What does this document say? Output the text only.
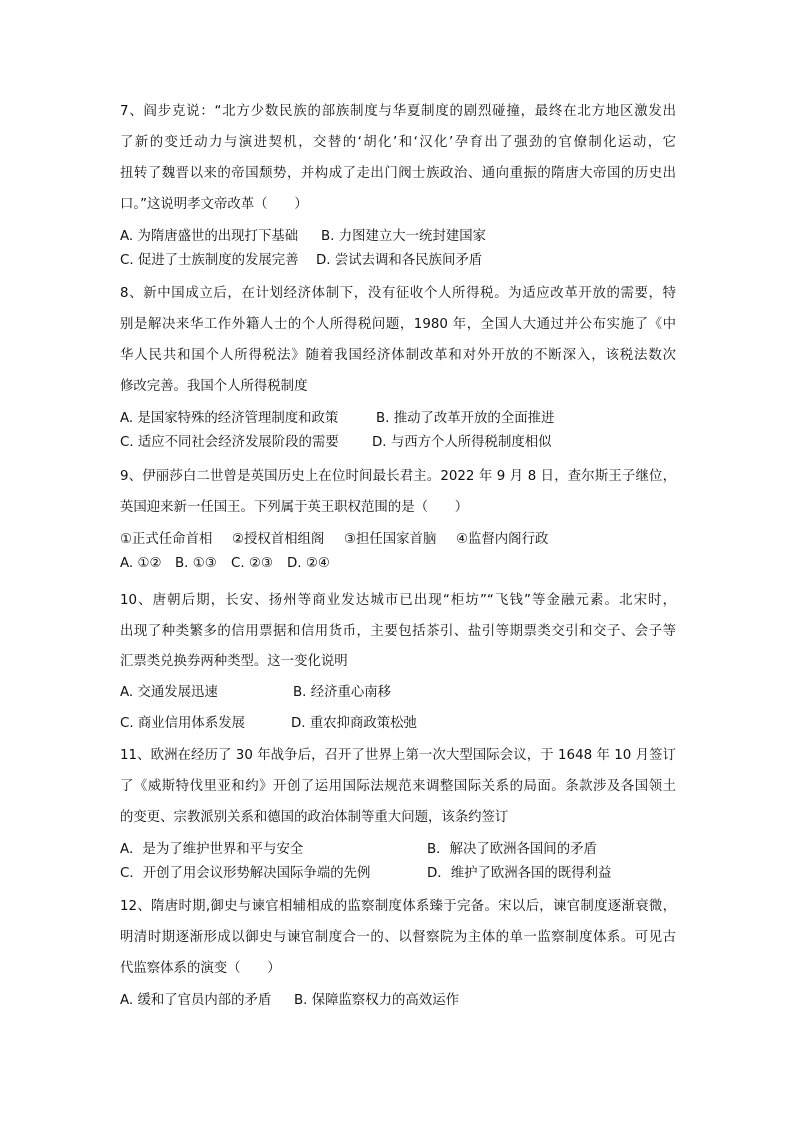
7、阎步克说：“北方少数民族的部族制度与华夏制度的剧烈碰撞，最终在北方地区激发出

了新的变迁动力与演进契机，交替的‘胡化’和‘汉化’孕育出了强劲的官僚制化运动，它

扭转了魏晋以来的帝国颓势，并构成了走出门阀士族政治、通向重振的隋唐大帝国的历史出

口。”这说明孝文帝改革（　　）

A. 为隋唐盛世的出现打下基础 B. 力图建立大一统封建国家
C. 促进了士族制度的发展完善 D. 尝试去调和各民族间矛盾

8、新中国成立后，在计划经济体制下，没有征收个人所得税。为适应改革开放的需要，特

别是解决来华工作外籍人士的个人所得税问题，1980 年，全国人大通过并公布实施了《中

华人民共和国个人所得税法》随着我国经济体制改革和对外开放的不断深入，该税法数次

修改完善。我国个人所得税制度

A. 是国家特殊的经济管理制度和政策	B. 推动了改革开放的全面推进
C. 适应不同社会经济发展阶段的需要 D. 与西方个人所得税制度相似

9、伊丽莎白二世曾是英国历史上在位时间最长君主。2022 年 9 月 8 日，查尔斯王子继位，

英国迎来新一任国王。下列属于英王职权范围的是（　　）

①正式任命首相 ②授权首相组阁 ③担任国家首脑 ④监督内阁行政
A. ①② B. ①③ C. ②③ D. ②④

10、唐朝后期，长安、扬州等商业发达城市已出现“柜坊”“飞钱”等金融元素。北宋时，

出现了种类繁多的信用票据和信用货币，主要包括茶引、盐引等期票类交引和交子、会子等

汇票类兑换券两种类型。这一变化说明

A. 交通发展迅速	B. 经济重心南移
C. 商业信用体系发展	D. 重农抑商政策松弛

11、欧洲在经历了 30 年战争后，召开了世界上第一次大型国际会议，于 1648 年 10 月签订

了《威斯特伐里亚和约》开创了运用国际法规范来调整国际关系的局面。条款涉及各国领土

的变更、宗教派别关系和德国的政治体制等重大问题，该条约签订

A．是为了维护世界和平与安全	B．解决了欧洲各国间的矛盾
C．开创了用会议形势解决国际争端的先例	D．维护了欧洲各国的既得利益

12、隋唐时期,御史与谏官相辅相成的监察制度体系臻于完备。宋以后，谏官制度逐渐衰微，

明清时期逐渐形成以御史与谏官制度合一的、以督察院为主体的单一监察制度体系。可见古

代监察体系的演变（　　）

A. 缓和了官员内部的矛盾 B. 保障监察权力的高效运作
